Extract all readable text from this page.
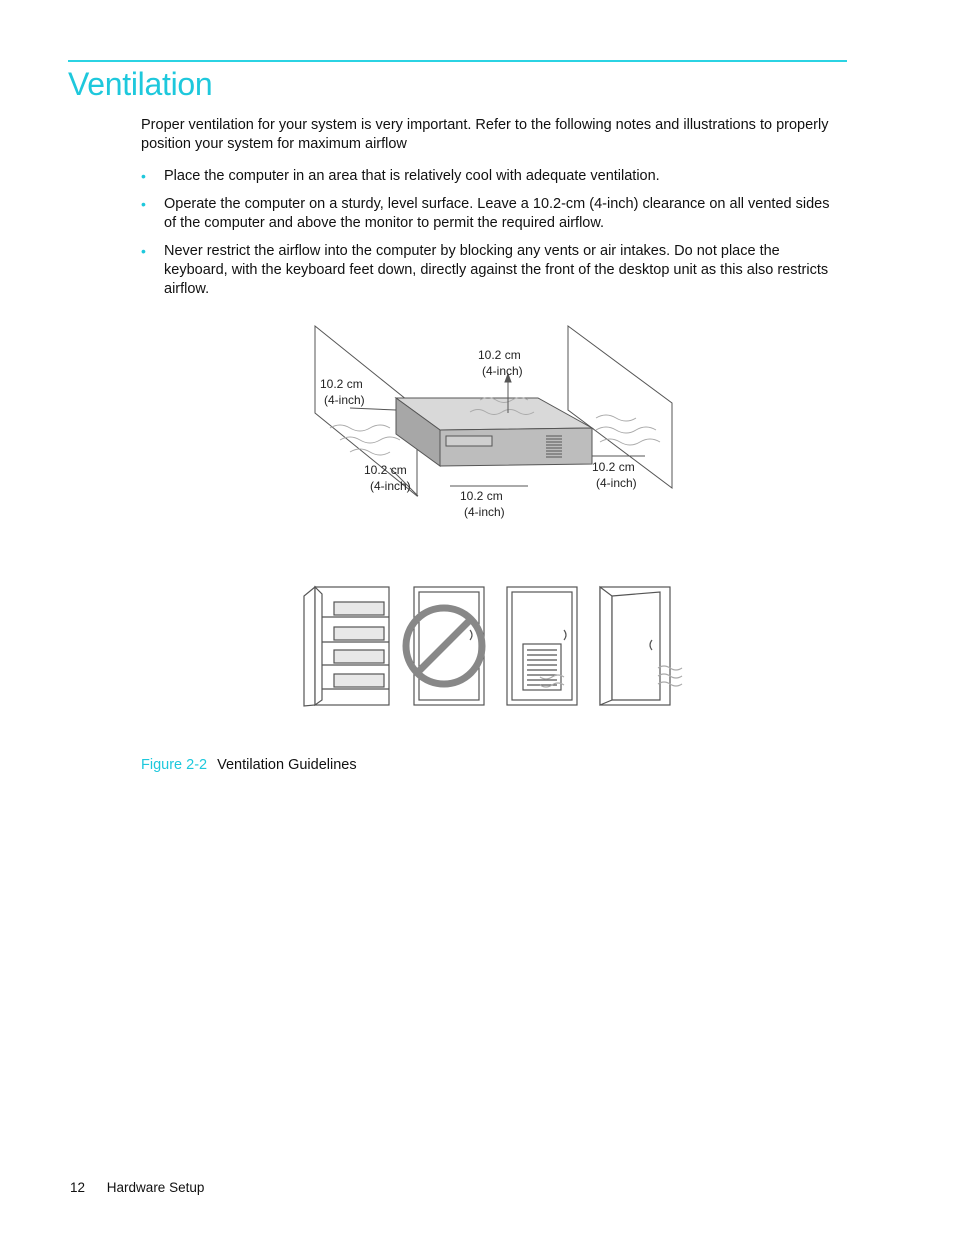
Ventilation

Proper ventilation for your system is very important. Refer to the following notes and illustrations to properly position your system for maximum airflow

• Place the computer in an area that is relatively cool with adequate ventilation.
• Operate the computer on a sturdy, level surface. Leave a 10.2-cm (4-inch) clearance on all vented sides of the computer and above the monitor to permit the required airflow.
• Never restrict the airflow into the computer by blocking any vents or air intakes. Do not place the keyboard, with the keyboard feet down, directly against the front of the desktop unit as this also restricts airflow.
10.2 cm
(4-inch)
10.2 cm
(4-inch)
10.2 cm
(4-inch)
10.2 cm
(4-inch)
10.2 cm
(4-inch)
Figure 2-2 Ventilation Guidelines
12 Hardware Setup
